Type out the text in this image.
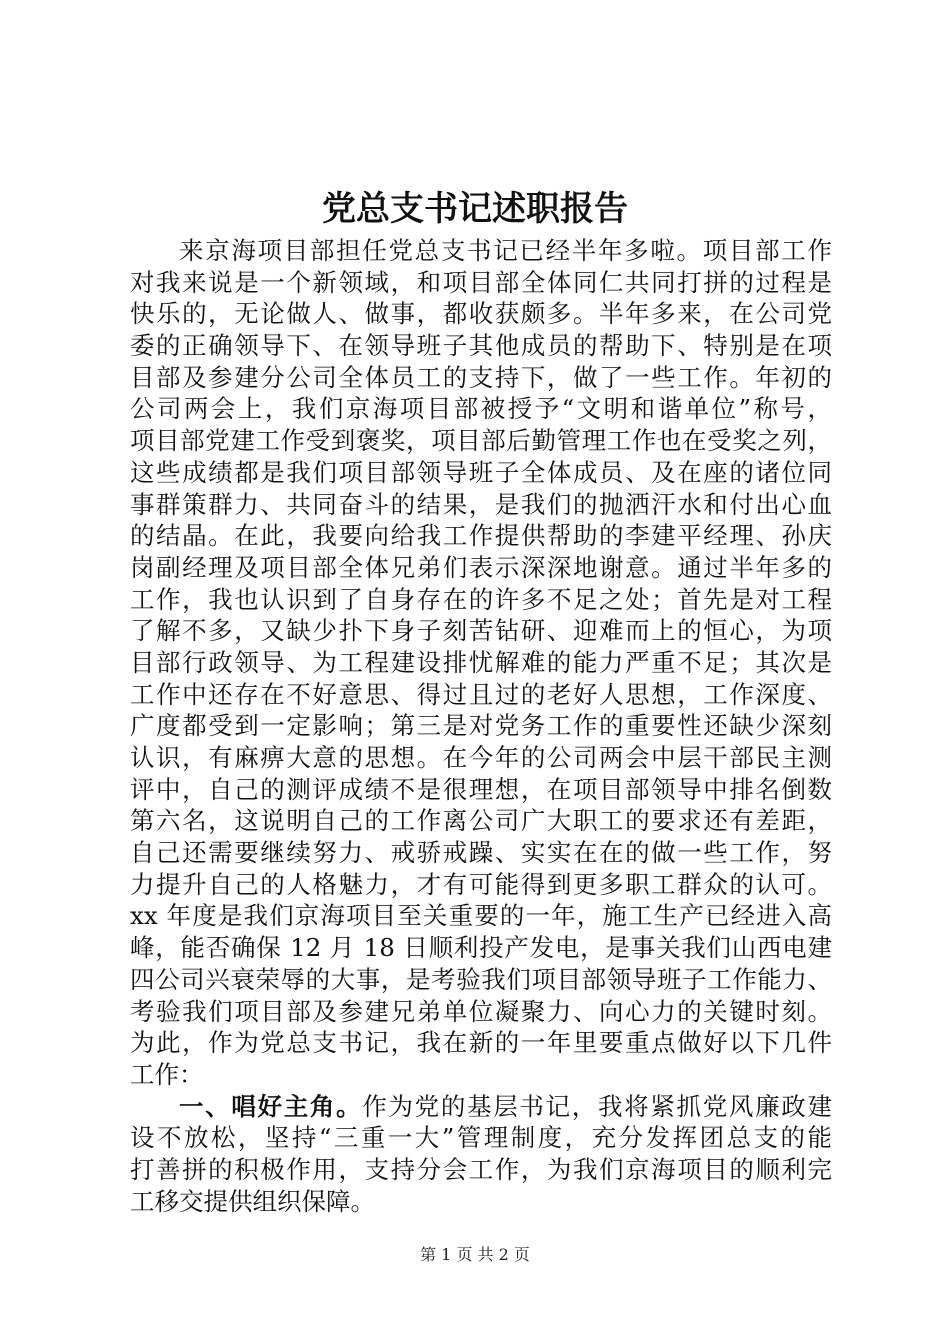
党总支书记述职报告
来京海项目部担任党总支书记已经半年多啦。项目部工作
对我来说是一个新领域，和项目部全体同仁共同打拼的过程是
快乐的，无论做人、做事，都收获颇多。半年多来，在公司党
委的正确领导下、在领导班子其他成员的帮助下、特别是在项
目部及参建分公司全体员工的支持下，做了一些工作。年初的
公司两会上，我们京海项目部被授予“文明和谐单位”称号，
项目部党建工作受到褒奖，项目部后勤管理工作也在受奖之列，
这些成绩都是我们项目部领导班子全体成员、及在座的诸位同
事群策群力、共同奋斗的结果，是我们的抛洒汗水和付出心血
的结晶。在此，我要向给我工作提供帮助的李建平经理、孙庆
岗副经理及项目部全体兄弟们表示深深地谢意。通过半年多的
工作，我也认识到了自身存在的许多不足之处；首先是对工程
了解不多，又缺少扑下身子刻苦钻研、迎难而上的恒心，为项
目部行政领导、为工程建设排忧解难的能力严重不足；其次是
工作中还存在不好意思、得过且过的老好人思想，工作深度、
广度都受到一定影响；第三是对党务工作的重要性还缺少深刻
认识，有麻痹大意的思想。在今年的公司两会中层干部民主测
评中，自己的测评成绩不是很理想，在项目部领导中排名倒数
第六名，这说明自己的工作离公司广大职工的要求还有差距，
自己还需要继续努力、戒骄戒躁、实实在在的做一些工作，努
力提升自己的人格魅力，才有可能得到更多职工群众的认可。
xx 年度是我们京海项目至关重要的一年，施工生产已经进入高
峰，能否确保 12 月 18 日顺利投产发电，是事关我们山西电建
四公司兴衰荣辱的大事，是考验我们项目部领导班子工作能力、
考验我们项目部及参建兄弟单位凝聚力、向心力的关键时刻。
为此，作为党总支书记，我在新的一年里要重点做好以下几件
工作：
一、唱好主角。作为党的基层书记，我将紧抓党风廉政建
设不放松，坚持“三重一大”管理制度，充分发挥团总支的能
打善拼的积极作用，支持分会工作，为我们京海项目的顺利完
工移交提供组织保障。
第 1 页 共 2 页
